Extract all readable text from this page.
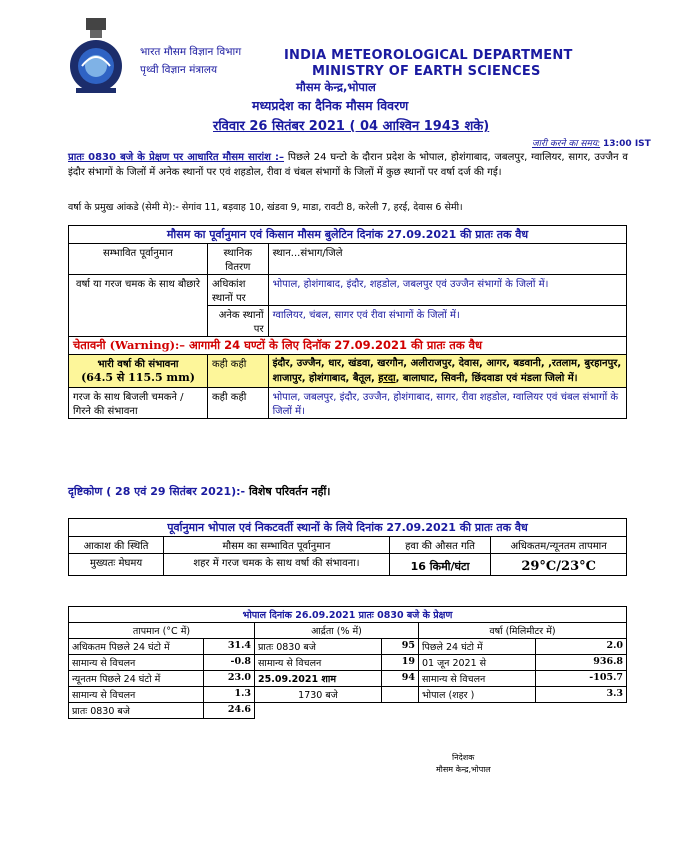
भारत मौसम विज्ञान विभाग
पृथ्वी विज्ञान मंत्रालय
INDIA METEOROLOGICAL DEPARTMENT
MINISTRY OF EARTH SCIENCES
मौसम केन्द्र,भोपाल
मध्यप्रदेश का दैनिक मौसम विवरण
रविवार 26 सितंबर 2021 ( 04 आश्विन 1943 शके)
जारी करने का समय: 13:00 IST
प्रातः 0830 बजे के प्रेक्षण पर आधारित मौसम सारांश :– पिछले 24 घन्टो के दौरान प्रदेश के भोपाल, होशंगाबाद, जबलपुर, ग्वालियर, सागर, उज्जैन व इंदौर संभागों के जिलों में अनेक स्थानों पर एवं शहडोल, रीवा वं चंबल संभागों के जिलों में कुछ स्थानों पर वर्षा दर्ज की गई।
वर्षा के प्रमुख आंकडे (सेमी मे):- सेगांव 11, बड़वाह 10, खंडवा 9, माडा, रावटी 8, करेली 7, हरई, देवास 6 सेमी।
मौसम का पूर्वानुमान एवं किसान मौसम बुलेटिन दिनांक 27.09.2021 की प्रातः तक वैध		
सम्भावित पूर्वानुमान	स्थानिक वितरण	स्थान...संभाग/जिले
वर्षा या गरज चमक के साथ बौछारे	अधिकांश स्थानों पर	भोपाल, होशंगाबाद, इंदौर, शहडोल, जबलपुर एवं उज्जैन संभागों के जिलों में।
	अनेक स्थानों पर	ग्वालियर, चंबल, सागर एवं रीवा संभागों के जिलों में।
चेतावनी (Warning):– आगामी 24 घण्टों के लिए दिनॉक 27.09.2021 की प्रातः तक वैध		

भारी वर्षा की संभावना
(64.5 से 115.5 mm)	कही कही	इंदौर, उज्जैन, धार, खंडवा, खरगौन, अलीराजपुर, देवास, आगर, बडवानी, ,रतलाम, बुरहानपुर, शाजापुर, होशंगाबाद, बैतूल, हरदा, बालाघाट, सिवनी, छिंदवाडा एवं मंडला जिलो में।
गरज के साथ बिजली चमकने / गिरने की संभावना	कही कही	भोपाल, जबलपुर, इंदौर, उज्जैन, होशंगाबाद, सागर, रीवा शहडोल, ग्वालियर एवं चंबल संभागों के जिलों में।
दृष्टिकोण ( 28 एवं 29 सितंबर 2021):- विशेष परिवर्तन नहीं।
पूर्वानुमान भोपाल एवं निकटवर्ती स्थानों के लिये दिनांक 27.09.2021 की प्रातः तक वैध			
आकाश की स्थिति	मौसम का सम्भावित पूर्वानुमान	हवा की औसत गति	अधिकतम/न्यूनतम तापमान
मुख्यतः मेघमय	शहर में गरज चमक के साथ वर्षा की संभावना।	16 किमी/घंटा	29°C/23°C
भोपाल दिनांक 26.09.2021 प्रातः 0830 बजे के प्रेक्षण					
तापमान (°C में)		आर्द्रता (% में)		वर्षा (मिलिमीटर में)	
अधिकतम पिछले 24 घंटो में	31.4	प्रातः 0830 बजे	95	पिछले 24 घंटो में	2.0
सामान्य से विचलन	-0.8	सामान्य से विचलन	19	01 जून 2021 से	936.8
न्यूनतम पिछले 24 घंटो में	23.0	25.09.2021 शाम	94	सामान्य से विचलन	-105.7
सामान्य से विचलन	1.3	1730 बजे		भोपाल (शहर )	3.3
प्रातः 0830 बजे	24.6				
निदेशक
मौसम केन्द्र,भोपाल
